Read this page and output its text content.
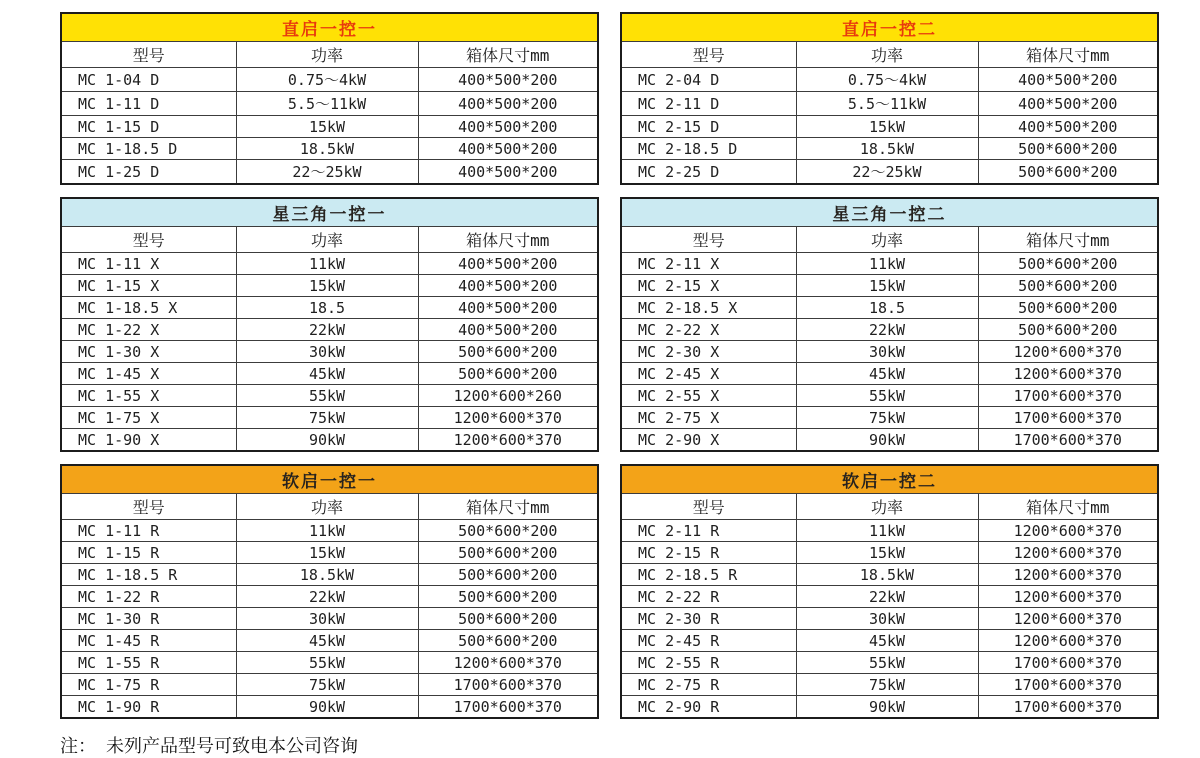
直启一控一		
型号	功率	箱体尺寸mm
MC 1-04 D	0.75～4kW	400*500*200
MC 1-11 D	5.5～11kW	400*500*200
MC 1-15 D	15kW	400*500*200
MC 1-18.5 D	18.5kW	400*500*200
MC 1-25 D	22～25kW	400*500*200
直启一控二		
型号	功率	箱体尺寸mm
MC 2-04 D	0.75～4kW	400*500*200
MC 2-11 D	5.5～11kW	400*500*200
MC 2-15 D	15kW	400*500*200
MC 2-18.5 D	18.5kW	500*600*200
MC 2-25 D	22～25kW	500*600*200
星三角一控一		
型号	功率	箱体尺寸mm
MC 1-11 X	11kW	400*500*200
MC 1-15 X	15kW	400*500*200
MC 1-18.5 X	18.5	400*500*200
MC 1-22 X	22kW	400*500*200
MC 1-30 X	30kW	500*600*200
MC 1-45 X	45kW	500*600*200
MC 1-55 X	55kW	1200*600*260
MC 1-75 X	75kW	1200*600*370
MC 1-90 X	90kW	1200*600*370
星三角一控二		
型号	功率	箱体尺寸mm
MC 2-11 X	11kW	500*600*200
MC 2-15 X	15kW	500*600*200
MC 2-18.5 X	18.5	500*600*200
MC 2-22 X	22kW	500*600*200
MC 2-30 X	30kW	1200*600*370
MC 2-45 X	45kW	1200*600*370
MC 2-55 X	55kW	1700*600*370
MC 2-75 X	75kW	1700*600*370
MC 2-90 X	90kW	1700*600*370
软启一控一		
型号	功率	箱体尺寸mm
MC 1-11 R	11kW	500*600*200
MC 1-15 R	15kW	500*600*200
MC 1-18.5 R	18.5kW	500*600*200
MC 1-22 R	22kW	500*600*200
MC 1-30 R	30kW	500*600*200
MC 1-45 R	45kW	500*600*200
MC 1-55 R	55kW	1200*600*370
MC 1-75 R	75kW	1700*600*370
MC 1-90 R	90kW	1700*600*370
软启一控二		
型号	功率	箱体尺寸mm
MC 2-11 R	11kW	1200*600*370
MC 2-15 R	15kW	1200*600*370
MC 2-18.5 R	18.5kW	1200*600*370
MC 2-22 R	22kW	1200*600*370
MC 2-30 R	30kW	1200*600*370
MC 2-45 R	45kW	1200*600*370
MC 2-55 R	55kW	1700*600*370
MC 2-75 R	75kW	1700*600*370
MC 2-90 R	90kW	1700*600*370
注： 未列产品型号可致电本公司咨询
